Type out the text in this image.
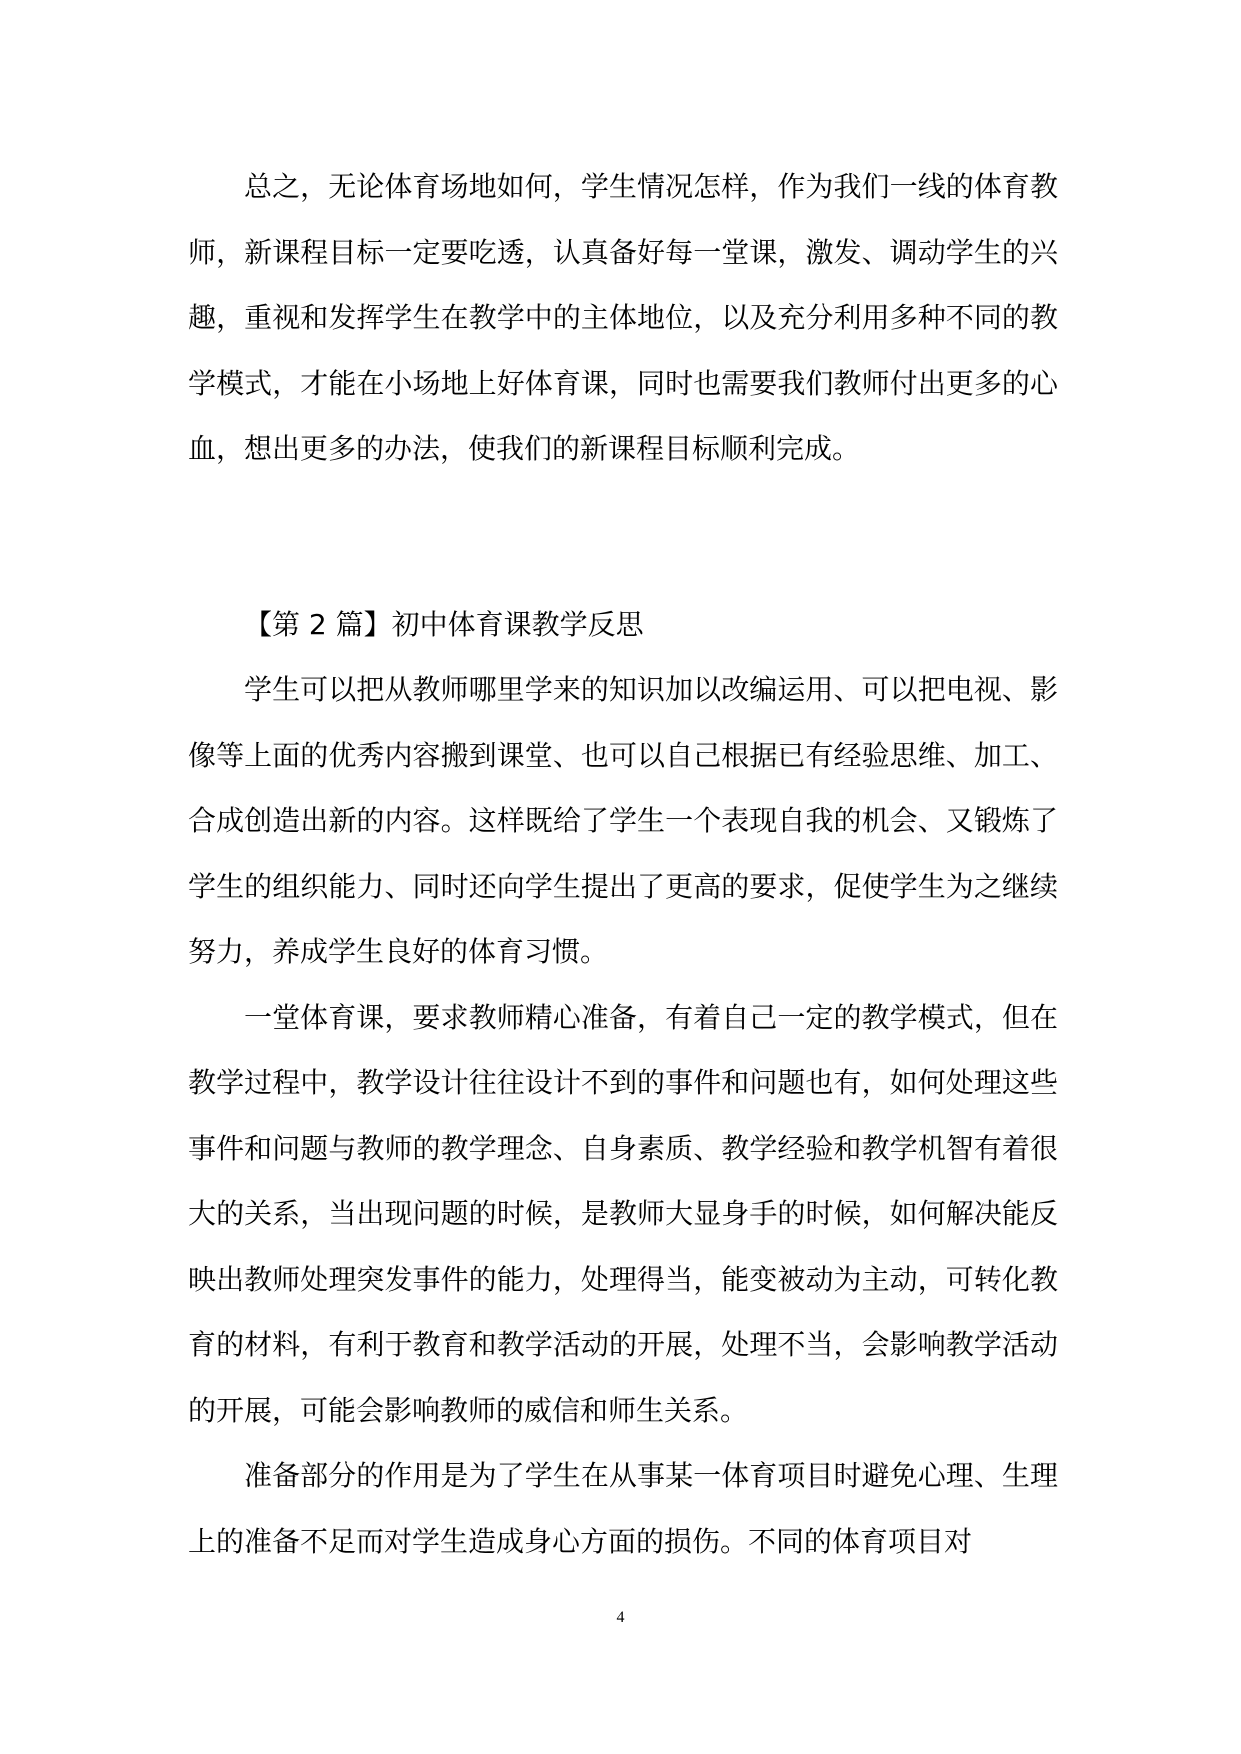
总之，无论体育场地如何，学生情况怎样，作为我们一线的体育教师，新课程目标一定要吃透，认真备好每一堂课，激发、调动学生的兴趣，重视和发挥学生在教学中的主体地位，以及充分利用多种不同的教学模式，才能在小场地上好体育课，同时也需要我们教师付出更多的心血，想出更多的办法，使我们的新课程目标顺利完成。

【第 2 篇】初中体育课教学反思

学生可以把从教师哪里学来的知识加以改编运用、可以把电视、影像等上面的优秀内容搬到课堂、也可以自己根据已有经验思维、加工、合成创造出新的内容。这样既给了学生一个表现自我的机会、又锻炼了学生的组织能力、同时还向学生提出了更高的要求，促使学生为之继续努力，养成学生良好的体育习惯。

一堂体育课，要求教师精心准备，有着自己一定的教学模式，但在教学过程中，教学设计往往设计不到的事件和问题也有，如何处理这些事件和问题与教师的教学理念、自身素质、教学经验和教学机智有着很大的关系，当出现问题的时候，是教师大显身手的时候，如何解决能反映出教师处理突发事件的能力，处理得当，能变被动为主动，可转化教育的材料，有利于教育和教学活动的开展，处理不当，会影响教学活动的开展，可能会影响教师的威信和师生关系。

准备部分的作用是为了学生在从事某一体育项目时避免心理、生理上的准备不足而对学生造成身心方面的损伤。不同的体育项目对

4
